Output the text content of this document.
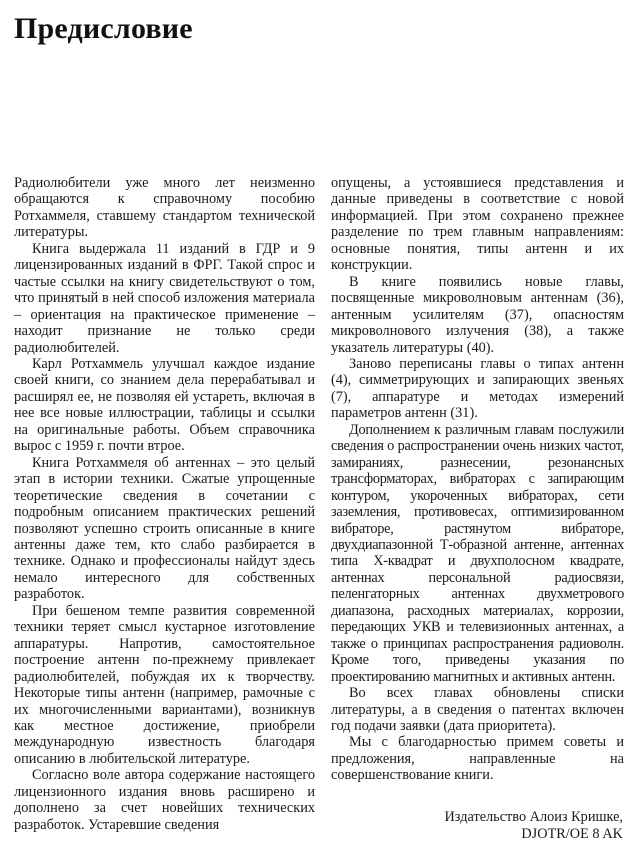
Предисловие

Радиолюбители уже много лет неизменно обращаются к справочному пособию Ротхаммеля, ставшему стандартом технической литературы.

Книга выдержала 11 изданий в ГДР и 9 лицензированных изданий в ФРГ. Такой спрос и частые ссылки на книгу свидетельствуют о том, что принятый в ней способ изложения материала – ориентация на практическое применение – находит признание не только среди радиолюбителей.

Карл Ротхаммель улучшал каждое издание своей книги, со знанием дела перерабатывал и расширял ее, не позволяя ей устареть, включая в нее все новые иллюстрации, таблицы и ссылки на оригинальные работы. Объем справочника вырос с 1959 г. почти втрое.

Книга Ротхаммеля об антеннах – это целый этап в истории техники. Сжатые упрощенные теоретические сведения в сочетании с подробным описанием практических решений позволяют успешно строить описанные в книге антенны даже тем, кто слабо разбирается в технике. Однако и профессионалы найдут здесь немало интересного для собственных разработок.

При бешеном темпе развития современной техники теряет смысл кустарное изготовление аппаратуры. Напротив, самостоятельное построение антенн по-прежнему привлекает радиолюбителей, побуждая их к творчеству. Некоторые типы антенн (например, рамочные с их многочисленными вариантами), возникнув как местное достижение, приобрели международную известность благодаря описанию в любительской литературе.

Согласно воле автора содержание настоящего лицензионного издания вновь расширено и дополнено за счет новейших технических разработок. Устаревшие сведения

опущены, а устоявшиеся представления и данные приведены в соответствие с новой информацией. При этом сохранено прежнее разделение по трем главным направлениям: основные понятия, типы антенн и их конструкции.

В книге появились новые главы, посвященные микроволновым антеннам (36), антенным усилителям (37), опасностям микроволнового излучения (38), а также указатель литературы (40).

Заново переписаны главы о типах антенн (4), симметрирующих и запирающих звеньях (7), аппаратуре и методах измерений параметров антенн (31).

Дополнением к различным главам послужили сведения о распространении очень низких частот, замираниях, разнесении, резонансных трансформаторах, вибраторах с запирающим контуром, укороченных вибраторах, сети заземления, противовесах, оптимизированном вибраторе, растянутом вибраторе, двухдиапазонной Т-образной антенне, антеннах типа X-квадрат и двухполосном квадрате, антеннах персональной радиосвязи, пеленгаторных антеннах двухметрового диапазона, расходных материалах, коррозии, передающих УКВ и телевизионных антеннах, а также о принципах распространения радиоволн. Кроме того, приведены указания по проектированию магнитных и активных антенн.

Во всех главах обновлены списки литературы, а в сведения о патентах включен год подачи заявки (дата приоритета).

Мы с благодарностью примем советы и предложения, направленные на совершенствование книги.

Издательство Алоиз Кришке,
DJOTR/OE 8 AK
